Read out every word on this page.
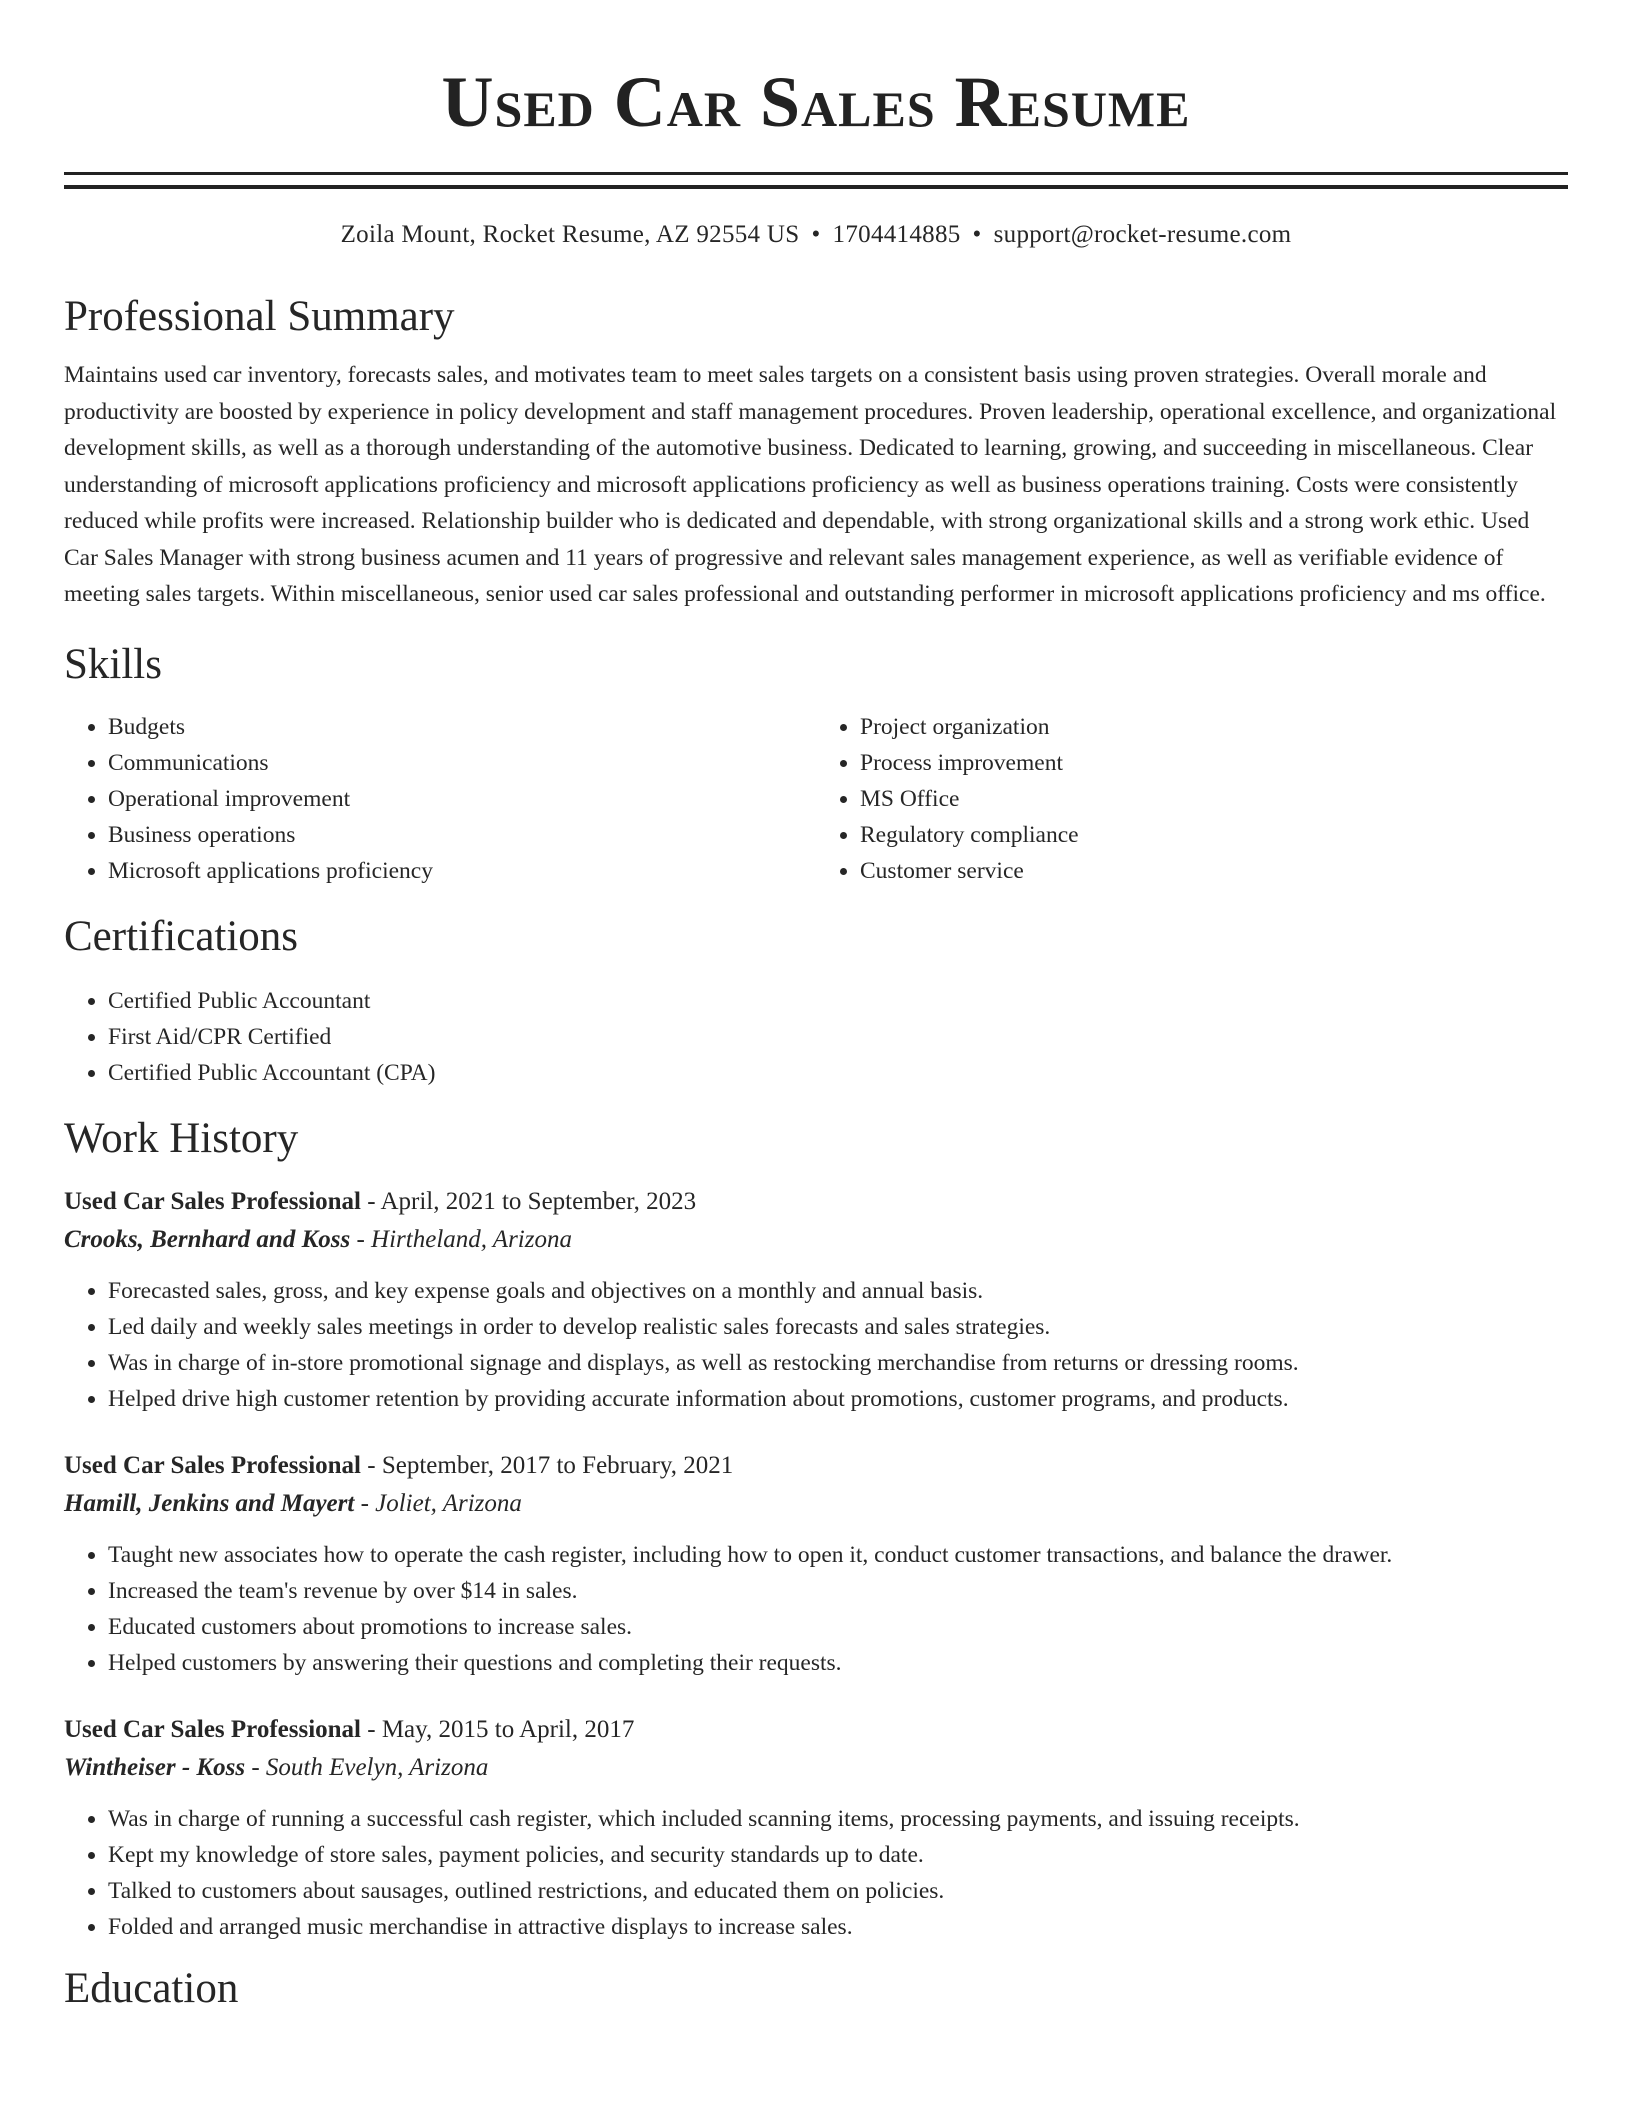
Used Car Sales Resume
Zoila Mount, Rocket Resume, AZ 92554 US • 1704414885 • support@rocket-resume.com
Professional Summary

Maintains used car inventory, forecasts sales, and motivates team to meet sales targets on a consistent basis using proven strategies. Overall morale and productivity are boosted by experience in policy development and staff management procedures. Proven leadership, operational excellence, and organizational development skills, as well as a thorough understanding of the automotive business. Dedicated to learning, growing, and succeeding in miscellaneous. Clear understanding of microsoft applications proficiency and microsoft applications proficiency as well as business operations training. Costs were consistently reduced while profits were increased. Relationship builder who is dedicated and dependable, with strong organizational skills and a strong work ethic. Used Car Sales Manager with strong business acumen and 11 years of progressive and relevant sales management experience, as well as verifiable evidence of meeting sales targets. Within miscellaneous, senior used car sales professional and outstanding performer in microsoft applications proficiency and ms office.

Skills
• Budgets
• Communications
• Operational improvement
• Business operations
• Microsoft applications proficiency
• Project organization
• Process improvement
• MS Office
• Regulatory compliance
• Customer service
Certifications
• Certified Public Accountant
• First Aid/CPR Certified
• Certified Public Accountant (CPA)
Work History
Used Car Sales Professional - April, 2021 to September, 2023
Crooks, Bernhard and Koss - Hirtheland, Arizona
• Forecasted sales, gross, and key expense goals and objectives on a monthly and annual basis.
• Led daily and weekly sales meetings in order to develop realistic sales forecasts and sales strategies.
• Was in charge of in-store promotional signage and displays, as well as restocking merchandise from returns or dressing rooms.
• Helped drive high customer retention by providing accurate information about promotions, customer programs, and products.
Used Car Sales Professional - September, 2017 to February, 2021
Hamill, Jenkins and Mayert - Joliet, Arizona
• Taught new associates how to operate the cash register, including how to open it, conduct customer transactions, and balance the drawer.
• Increased the team's revenue by over $14 in sales.
• Educated customers about promotions to increase sales.
• Helped customers by answering their questions and completing their requests.
Used Car Sales Professional - May, 2015 to April, 2017
Wintheiser - Koss - South Evelyn, Arizona
• Was in charge of running a successful cash register, which included scanning items, processing payments, and issuing receipts.
• Kept my knowledge of store sales, payment policies, and security standards up to date.
• Talked to customers about sausages, outlined restrictions, and educated them on policies.
• Folded and arranged music merchandise in attractive displays to increase sales.
Education
